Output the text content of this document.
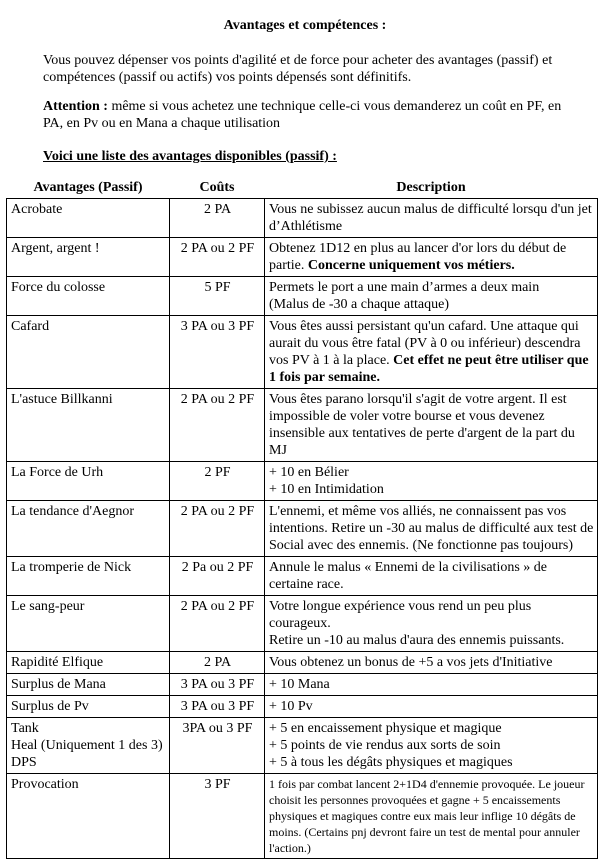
Avantages et compétences :
Vous pouvez dépenser vos points d'agilité et de force pour acheter des avantages (passif) et compétences (passif ou actifs) vos points dépensés sont définitifs.
Attention : même si vous achetez une technique celle-ci vous demanderez un coût en PF, en PA, en Pv ou en Mana a chaque utilisation
Voici une liste des avantages disponibles (passif) :
Avantages (Passif)	Coûts	Description

Acrobate	2 PA	Vous ne subissez aucun malus de difficulté lorsqu d'un jet d’Athlétisme

Argent, argent !	2 PA ou 2 PF	Obtenez 1D12 en plus au lancer d'or lors du début de partie. Concerne uniquement vos métiers.

Force du colosse	5 PF	Permets le port a une main d’armes a deux main
(Malus de -30 a chaque attaque)

Cafard	3 PA ou 3 PF	Vous êtes aussi persistant qu'un cafard. Une attaque qui aurait du vous être fatal (PV à 0 ou inférieur) descendra vos PV à 1 à la place. Cet effet ne peut être utiliser que 1 fois par semaine.

L'astuce Billkanni	2 PA ou 2 PF	Vous êtes parano lorsqu'il s'agit de votre argent. Il est impossible de voler votre bourse et vous devenez insensible aux tentatives de perte d'argent de la part du MJ

La Force de Urh	2 PF	+ 10 en Bélier
+ 10 en Intimidation

La tendance d'Aegnor	2 PA ou 2 PF	L'ennemi, et même vos alliés, ne connaissent pas vos intentions. Retire un -30 au malus de difficulté aux test de Social avec des ennemis. (Ne fonctionne pas toujours)

La tromperie de Nick	2 Pa ou 2 PF	Annule le malus « Ennemi de la civilisations » de certaine race.

Le sang-peur	2 PA ou 2 PF	Votre longue expérience vous rend un peu plus courageux.
Retire un -10 au malus d'aura des ennemis puissants.

Rapidité Elfique	2 PA	Vous obtenez un bonus de +5 a vos jets d'Initiative

Surplus de Mana	3 PA ou 3 PF	+ 10 Mana

Surplus de Pv	3 PA ou 3 PF	+ 10 Pv

Tank
Heal (Uniquement 1 des 3)
DPS	3PA ou 3 PF	+ 5 en encaissement physique et magique
+ 5 points de vie rendus aux sorts de soin
+ 5 à tous les dégâts physiques et magiques

Provocation	3 PF	1 fois par combat lancent 2+1D4 d'ennemie provoquée. Le joueur choisit les personnes provoquées et gagne + 5 encaissements physiques et magiques contre eux mais leur inflige 10 dégâts de moins. (Certains pnj devront faire un test de mental pour annuler l'action.)
